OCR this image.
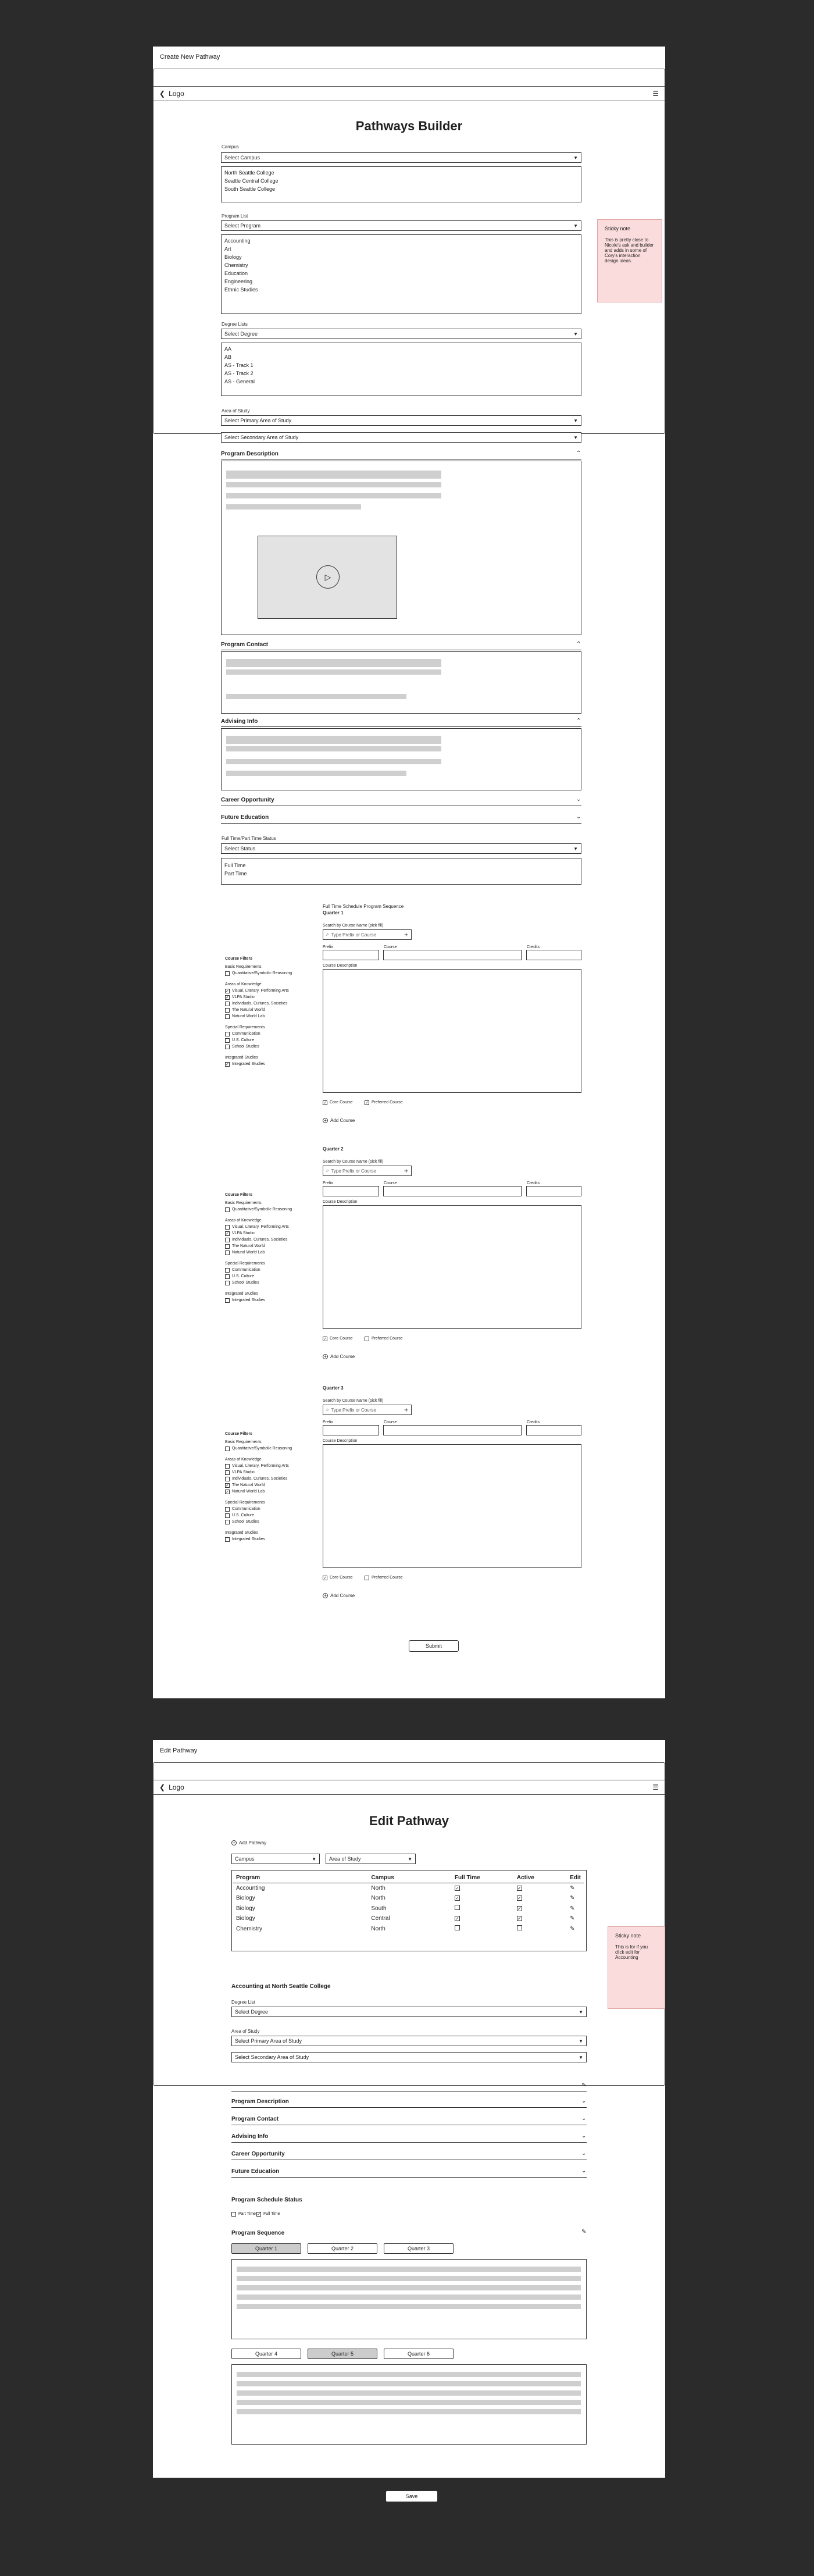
Create New Pathway
❮ Logo	☰
Pathways Builder
Campus
Select Campus	▼
North Seattle College
Seattle Central College
South Seattle College
Program List
Select Program	▼
Accounting
Art
Biology
Chemistry
Education
Engineering
Ethnic Studies
Sticky note
This is pretty close to Nicole's ask and builder and adds in some of Cory's interaction design ideas.
Degree Lists
Select Degree	▼
AA
AB
AS - Track 1
AS - Track 2
AS - General
Area of Study
Select Primary Area of Study	▼
Select Secondary Area of Study	▼
Program Description	⌃
▷
Program Contact	⌃
Advising Info	⌃
Career Opportunity	⌄
Future Education	⌄
Full Time/Part Time Status
Select Status	▼
Full Time
Part Time
Full Time Schedule Program Sequence
Quarter 1
Search by Course Name (pick fill)
⌕ Type Prefix or Course	+
Prefix	Course	Credits
Course Description
✓ Core Course	✓ Preferred Course
+ Add Course
Course Filters
Basic Requirements
Quantitative/Symbolic Reasoning
Areas of Knowledge
✓ Visual, Literary, Performing Arts
✓ VLPA Studio
Individuals, Cultures, Societies
The Natural World
Natural World Lab
Special Requirements
Communication
U.S. Culture
School Studies
Integrated Studies
✓ Integrated Studies
Quarter 2
Search by Course Name (pick fill)
⌕ Type Prefix or Course	+
Prefix	Course	Credits
Course Description
✓ Core Course	Preferred Course
+ Add Course
Course Filters
Basic Requirements
Quantitative/Symbolic Reasoning
Areas of Knowledge
Visual, Literary, Performing Arts
✓ VLPA Studio
Individuals, Cultures, Societies
The Natural World
Natural World Lab
Special Requirements
Communication
U.S. Culture
School Studies
Integrated Studies
Integrated Studies
Quarter 3
Search by Course Name (pick fill)
⌕ Type Prefix or Course	+
Prefix	Course	Credits
Course Description
✓ Core Course	Preferred Course
+ Add Course
Course Filters
Basic Requirements
Quantitative/Symbolic Reasoning
Areas of Knowledge
Visual, Literary, Performing Arts
VLPA Studio
Individuals, Cultures, Societies
✓ The Natural World
✓ Natural World Lab
Special Requirements
Communication
U.S. Culture
School Studies
Integrated Studies
Integrated Studies
Submit
Edit Pathway
❮ Logo	☰
Edit Pathway
+ Add Pathway
Campus	▼ Area of Study	▼
Program	Campus	Full Time	Active	Edit
Accounting	North	✓	✓	✎
Biology	North	✓	✓	✎
Biology	South		✓	✎
Biology	Central	✓	✓	✎
Chemistry	North			✎
Sticky note
This is for if you click edit for Accounting
Accounting at North Seattle College
Degree List
Select Degree	▼
Area of Study
Select Primary Area of Study	▼
Select Secondary Area of Study	▼
✎
Program Description	⌄
Program Contact	⌄
Advising Info	⌄
Career Opportunity	⌄
Future Education	⌄
Program Schedule Status
Part Time ✓ Full Time
Program Sequence	✎
Quarter 1	Quarter 2	Quarter 3
Quarter 4	Quarter 5	Quarter 6
Save
